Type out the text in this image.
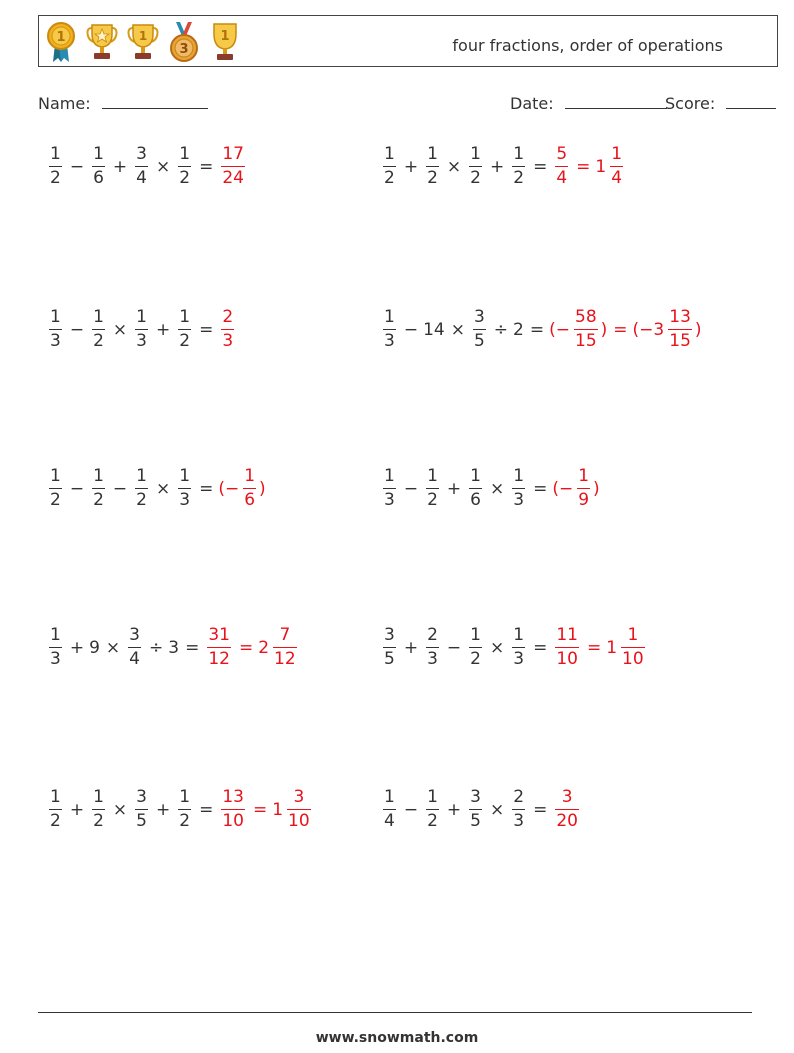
1	1
3
1	four fractions, order of operations
Name:	Date:	Score:
$\frac{1}{2} - \frac{1}{6} + \frac{3}{4} \times \frac{1}{2} = \frac{17}{24}$	$\frac{1}{2} + \frac{1}{2} \times \frac{1}{2} + \frac{1}{2} = \frac{5}{4} = 1 \frac{1}{4}$
$\frac{1}{3} - \frac{1}{2} \times \frac{1}{3} + \frac{1}{2} = \frac{2}{3}$	$\frac{1}{3} - 14 \times \frac{3}{5} \div 2$ = (− $\frac{58}{15}$ ) = ($-3 \frac{13}{15}$ )
$\frac{1}{2} - \frac{1}{2} - \frac{1}{2} \times \frac{1}{3}$ = (− $\frac{1}{6}$ )	$\frac{1}{3} - \frac{1}{2} + \frac{1}{6} \times \frac{1}{3}$ = (− $\frac{1}{9}$ )
$\frac{1}{3} + 9 \times \frac{3}{4} \div 3 = \frac{31}{12} = 2 \frac{7}{12}$	$\frac{3}{5} + \frac{2}{3} - \frac{1}{2} \times \frac{1}{3} = \frac{11}{10} = 1 \frac{1}{10}$
$\frac{1}{2} + \frac{1}{2} \times \frac{3}{5} + \frac{1}{2} = \frac{13}{10} = 1 \frac{3}{10}$	$\frac{1}{4} - \frac{1}{2} + \frac{3}{5} \times \frac{2}{3} = \frac{3}{20}$
www.snowmath.com
